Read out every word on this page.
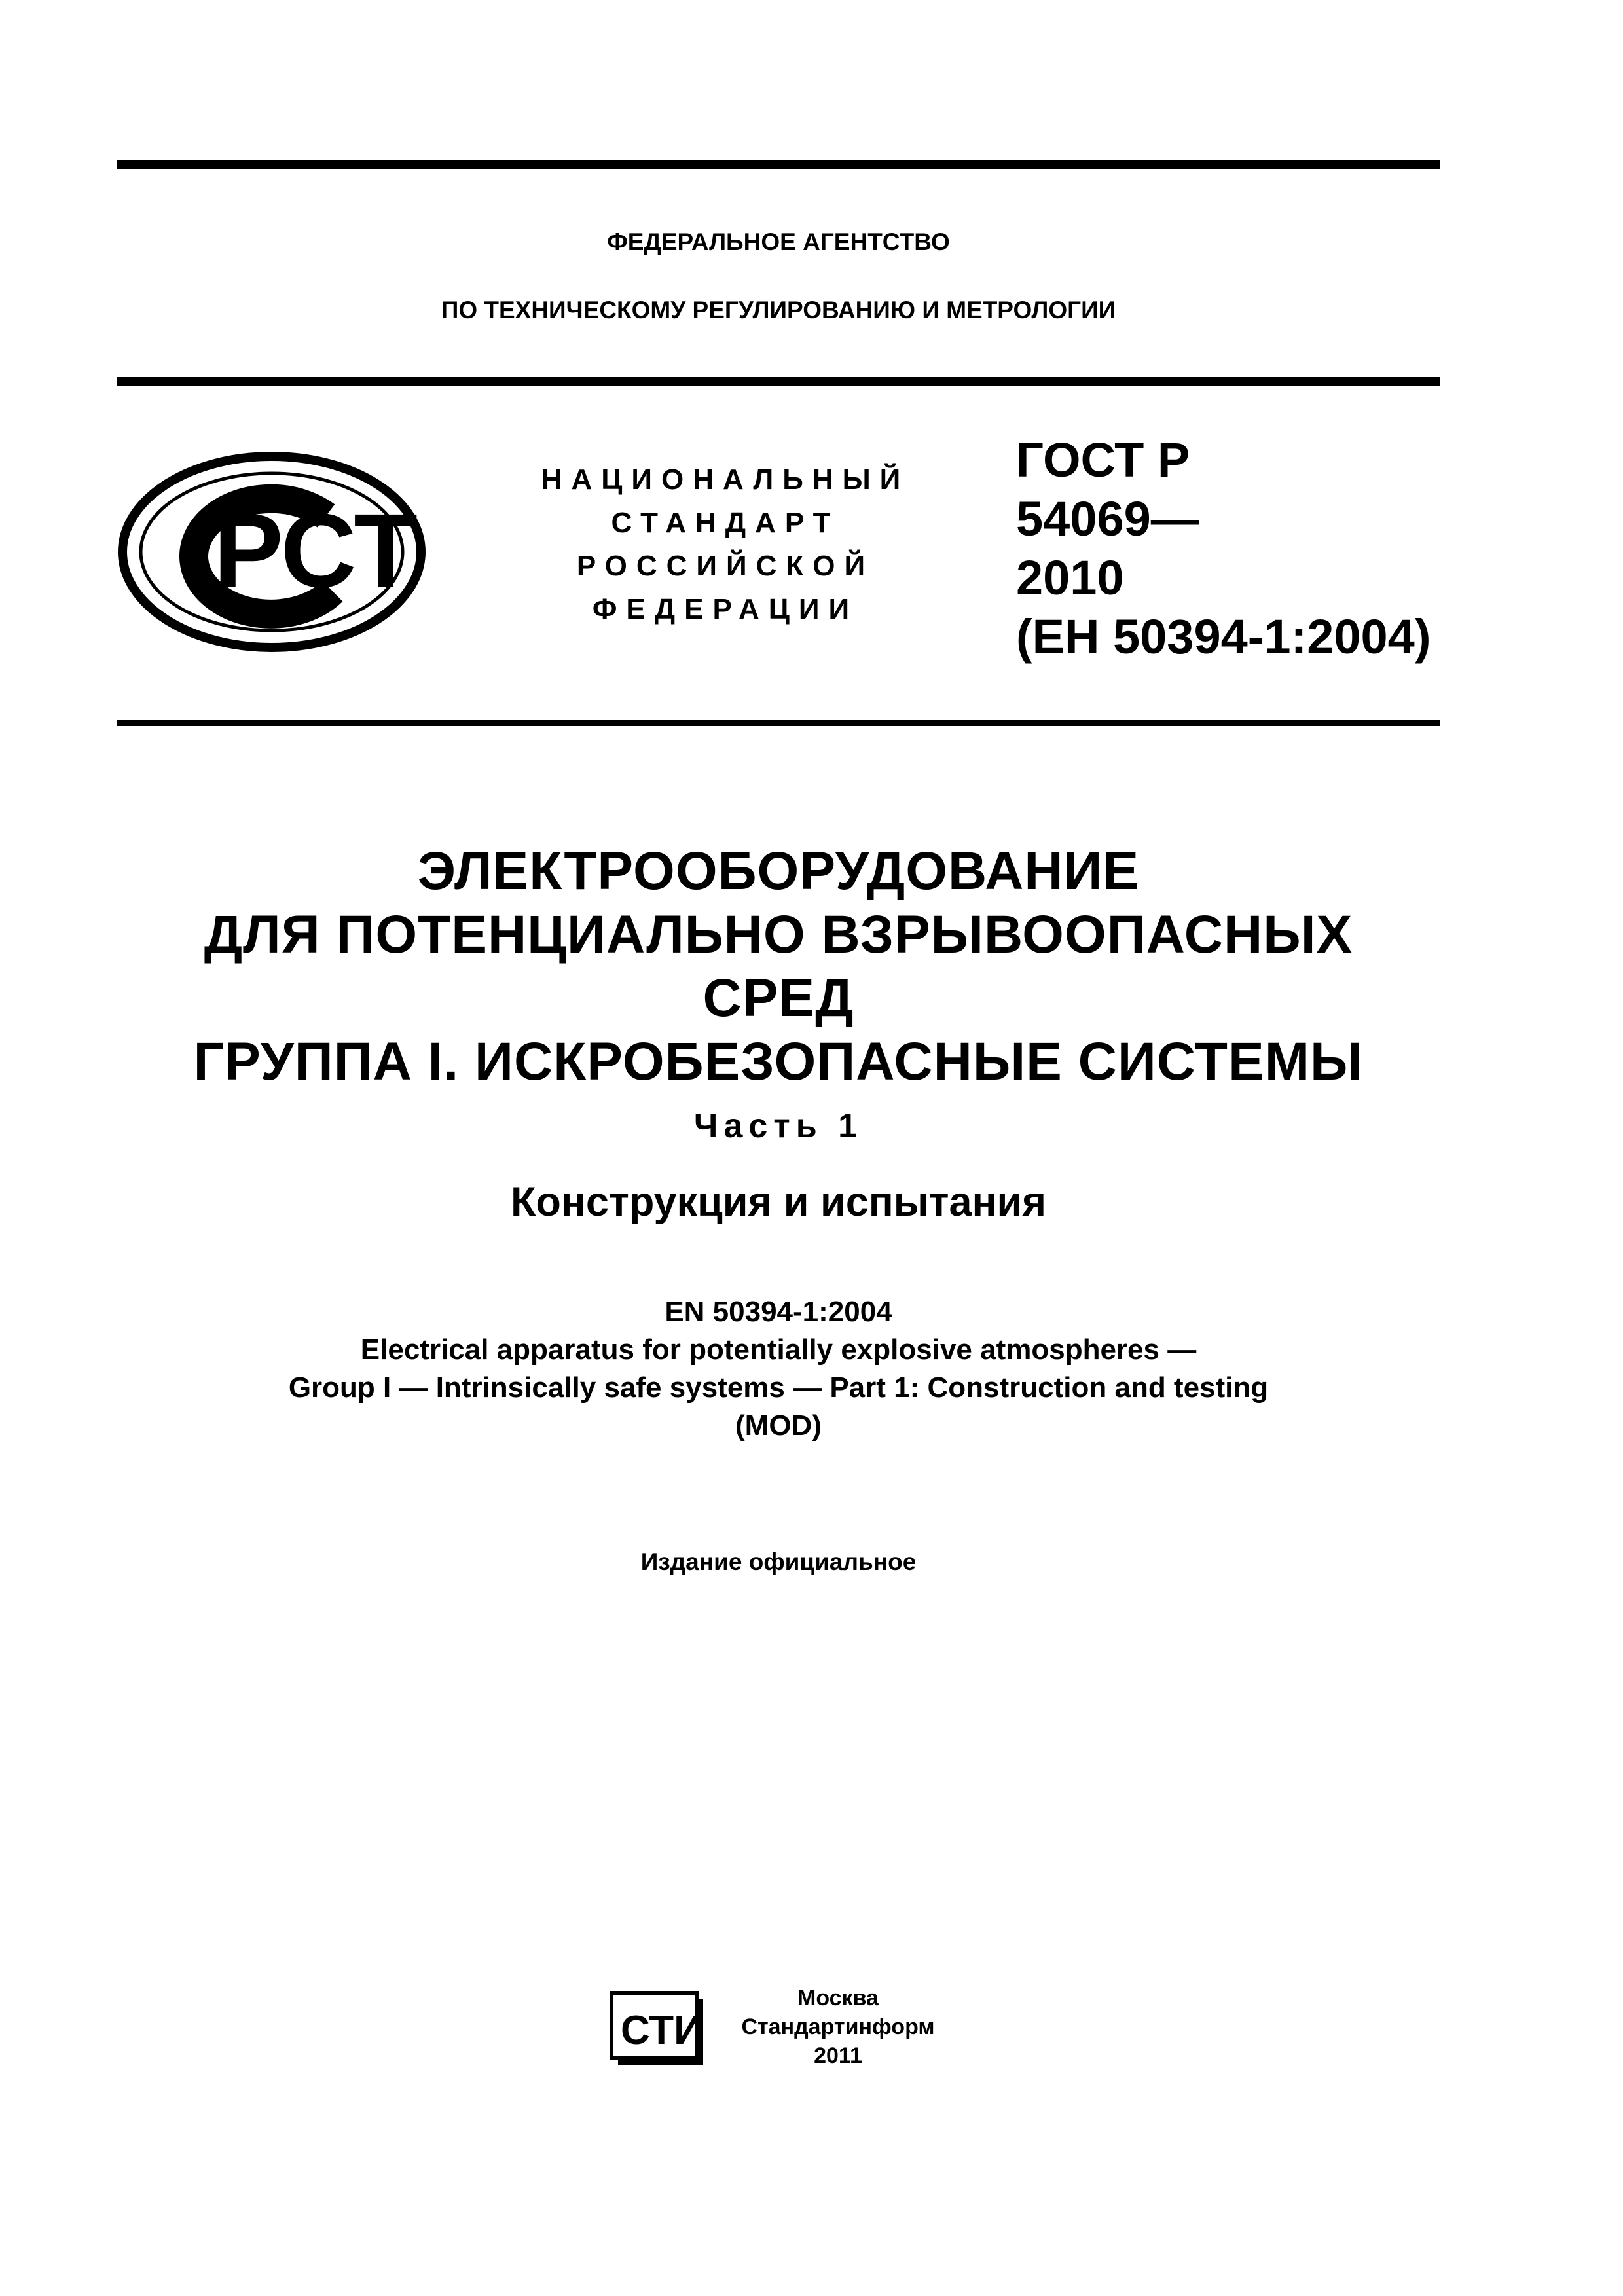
ФЕДЕРАЛЬНОЕ АГЕНТСТВО
ПО ТЕХНИЧЕСКОМУ РЕГУЛИРОВАНИЮ И МЕТРОЛОГИИ
РСТ
НАЦИОНАЛЬНЫЙ
СТАНДАРТ
РОССИЙСКОЙ
ФЕДЕРАЦИИ
ГОСТ Р
54069—
2010
(ЕН 50394-1:2004)
ЭЛЕКТРООБОРУДОВАНИЕ
ДЛЯ ПОТЕНЦИАЛЬНО ВЗРЫВООПАСНЫХ
СРЕД
ГРУППА I. ИСКРОБЕЗОПАСНЫЕ СИСТЕМЫ
Часть 1
Конструкция и испытания
EN 50394-1:2004
Electrical apparatus for potentially explosive atmospheres —
Group I — Intrinsically safe systems — Part 1: Construction and testing
(MOD)
Издание официальное
СТИ
Москва
Стандартинформ
2011
